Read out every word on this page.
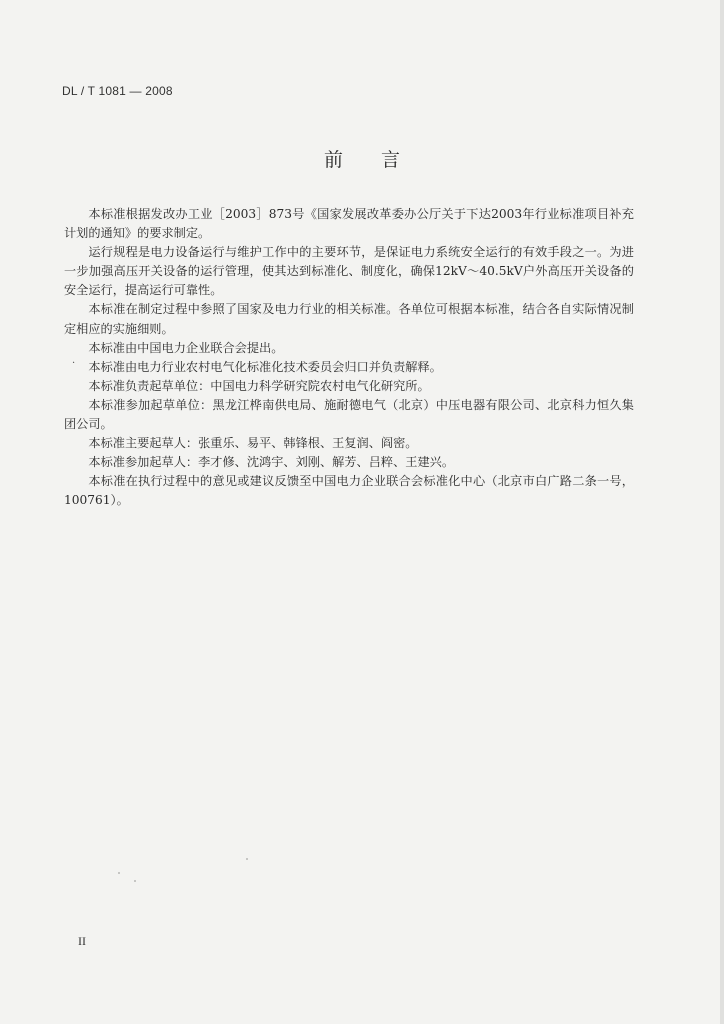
DL / T 1081 — 2008
前 言

本标准根据发改办工业［2003］873号《国家发展改革委办公厅关于下达2003年行业标准项目补充计划的通知》的要求制定。

运行规程是电力设备运行与维护工作中的主要环节，是保证电力系统安全运行的有效手段之一。为进一步加强高压开关设备的运行管理，使其达到标准化、制度化，确保12kV～40.5kV户外高压开关设备的安全运行，提高运行可靠性。

本标准在制定过程中参照了国家及电力行业的相关标准。各单位可根据本标准，结合各自实际情况制定相应的实施细则。

本标准由中国电力企业联合会提出。

本标准由电力行业农村电气化标准化技术委员会归口并负责解释。

本标准负责起草单位：中国电力科学研究院农村电气化研究所。

本标准参加起草单位：黑龙江桦南供电局、施耐德电气（北京）中压电器有限公司、北京科力恒久集团公司。

本标准主要起草人：张重乐、易平、韩锋根、王复润、阎密。

本标准参加起草人：李才修、沈鸿宇、刘刚、解芳、吕粹、王建兴。

本标准在执行过程中的意见或建议反馈至中国电力企业联合会标准化中心（北京市白广路二条一号，100761）。

·
II
